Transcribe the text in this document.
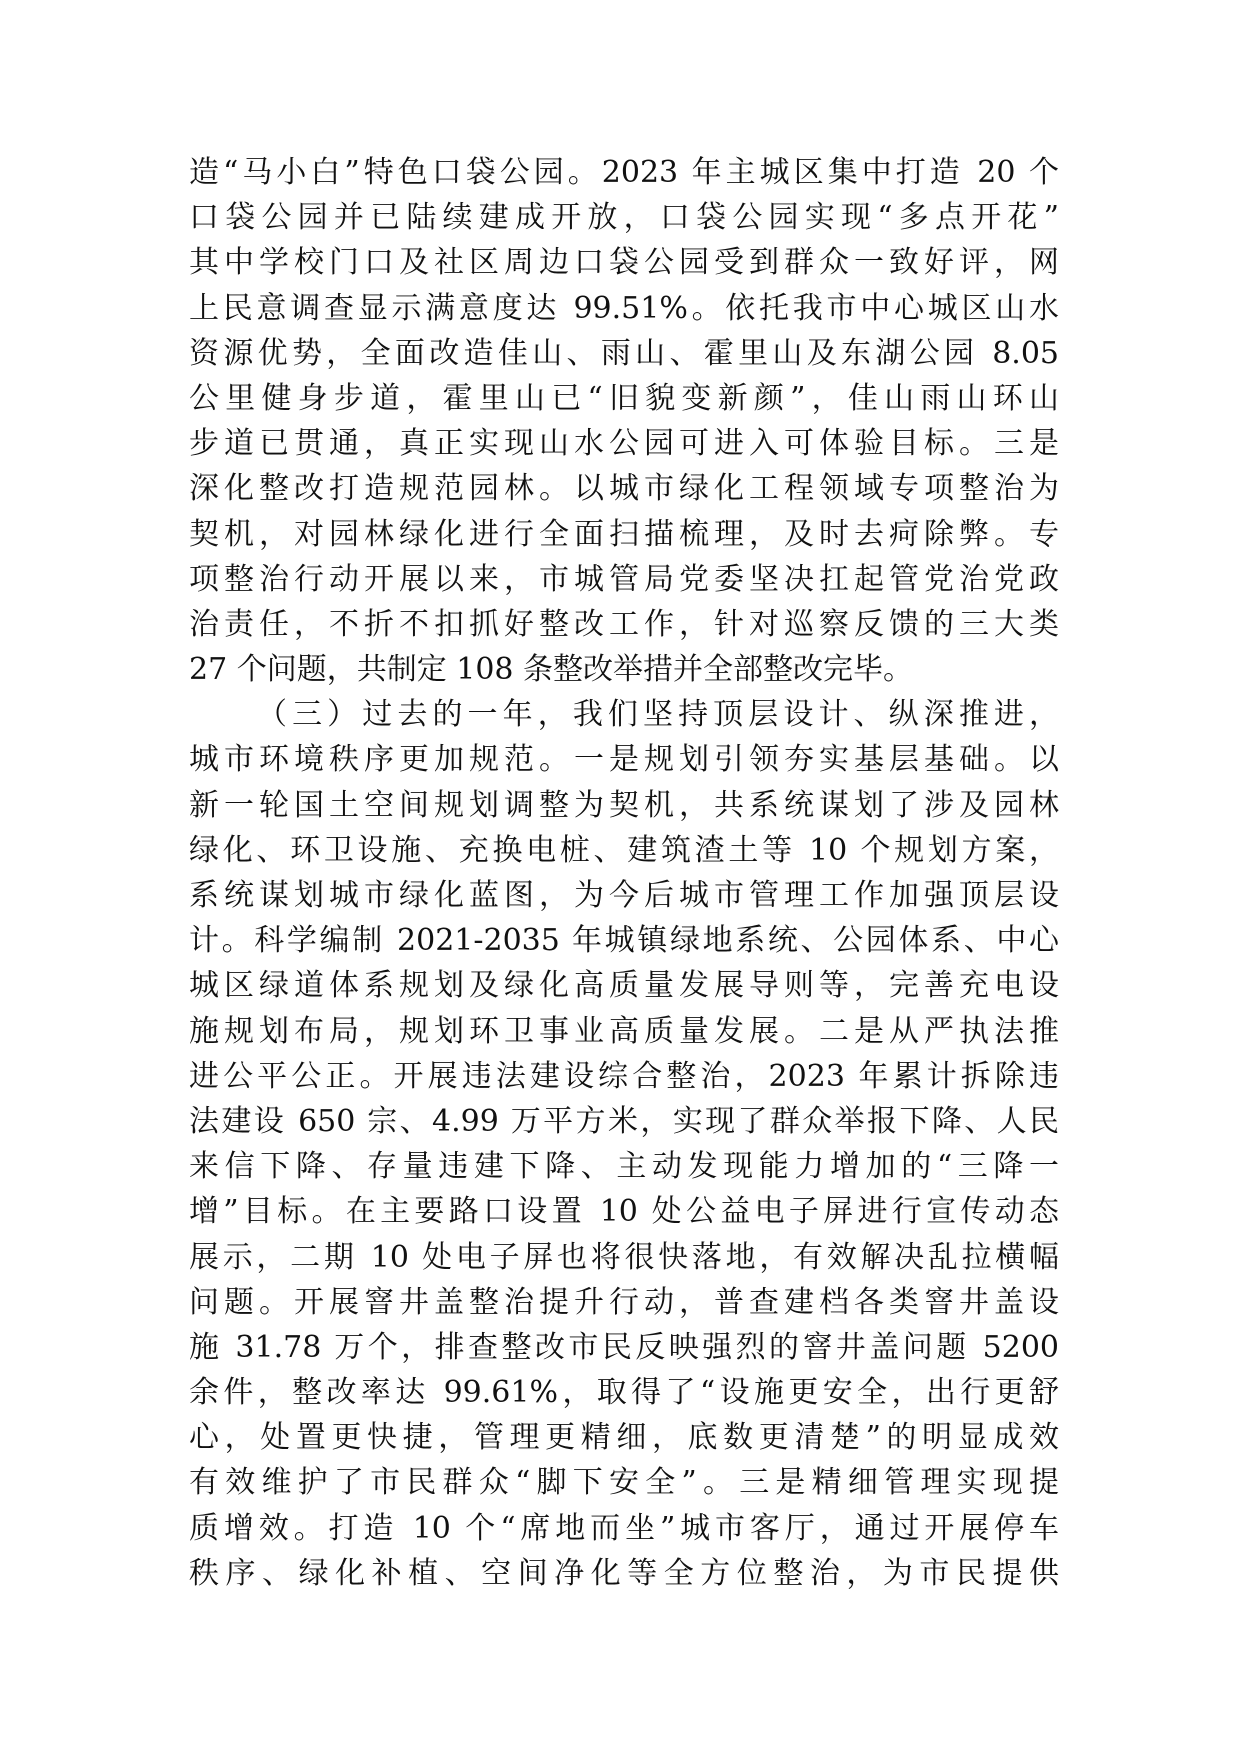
造“马小白”特色口袋公园。2023 年主城区集中打造 20 个
口袋公园并已陆续建成开放，口袋公园实现“多点开花”
其中学校门口及社区周边口袋公园受到群众一致好评，网
上民意调查显示满意度达 99.51%。依托我市中心城区山水
资源优势，全面改造佳山、雨山、霍里山及东湖公园 8.05
公里健身步道，霍里山已“旧貌变新颜”，佳山雨山环山
步道已贯通，真正实现山水公园可进入可体验目标。三是
深化整改打造规范园林。以城市绿化工程领域专项整治为
契机，对园林绿化进行全面扫描梳理，及时去疴除弊。专
项整治行动开展以来，市城管局党委坚决扛起管党治党政
治责任，不折不扣抓好整改工作，针对巡察反馈的三大类
27 个问题，共制定 108 条整改举措并全部整改完毕。
（三）过去的一年，我们坚持顶层设计、纵深推进，
城市环境秩序更加规范。一是规划引领夯实基层基础。以
新一轮国土空间规划调整为契机，共系统谋划了涉及园林
绿化、环卫设施、充换电桩、建筑渣土等 10 个规划方案，
系统谋划城市绿化蓝图，为今后城市管理工作加强顶层设
计。科学编制 2021-2035 年城镇绿地系统、公园体系、中心
城区绿道体系规划及绿化高质量发展导则等，完善充电设
施规划布局，规划环卫事业高质量发展。二是从严执法推
进公平公正。开展违法建设综合整治，2023 年累计拆除违
法建设 650 宗、4.99 万平方米，实现了群众举报下降、人民
来信下降、存量违建下降、主动发现能力增加的“三降一
增”目标。在主要路口设置 10 处公益电子屏进行宣传动态
展示，二期 10 处电子屏也将很快落地，有效解决乱拉横幅
问题。开展窨井盖整治提升行动，普查建档各类窨井盖设
施 31.78 万个，排查整改市民反映强烈的窨井盖问题 5200
余件，整改率达 99.61%，取得了“设施更安全，出行更舒
心，处置更快捷，管理更精细，底数更清楚”的明显成效
有效维护了市民群众“脚下安全”。三是精细管理实现提
质增效。打造 10 个“席地而坐”城市客厅，通过开展停车
秩序、绿化补植、空间净化等全方位整治，为市民提供
